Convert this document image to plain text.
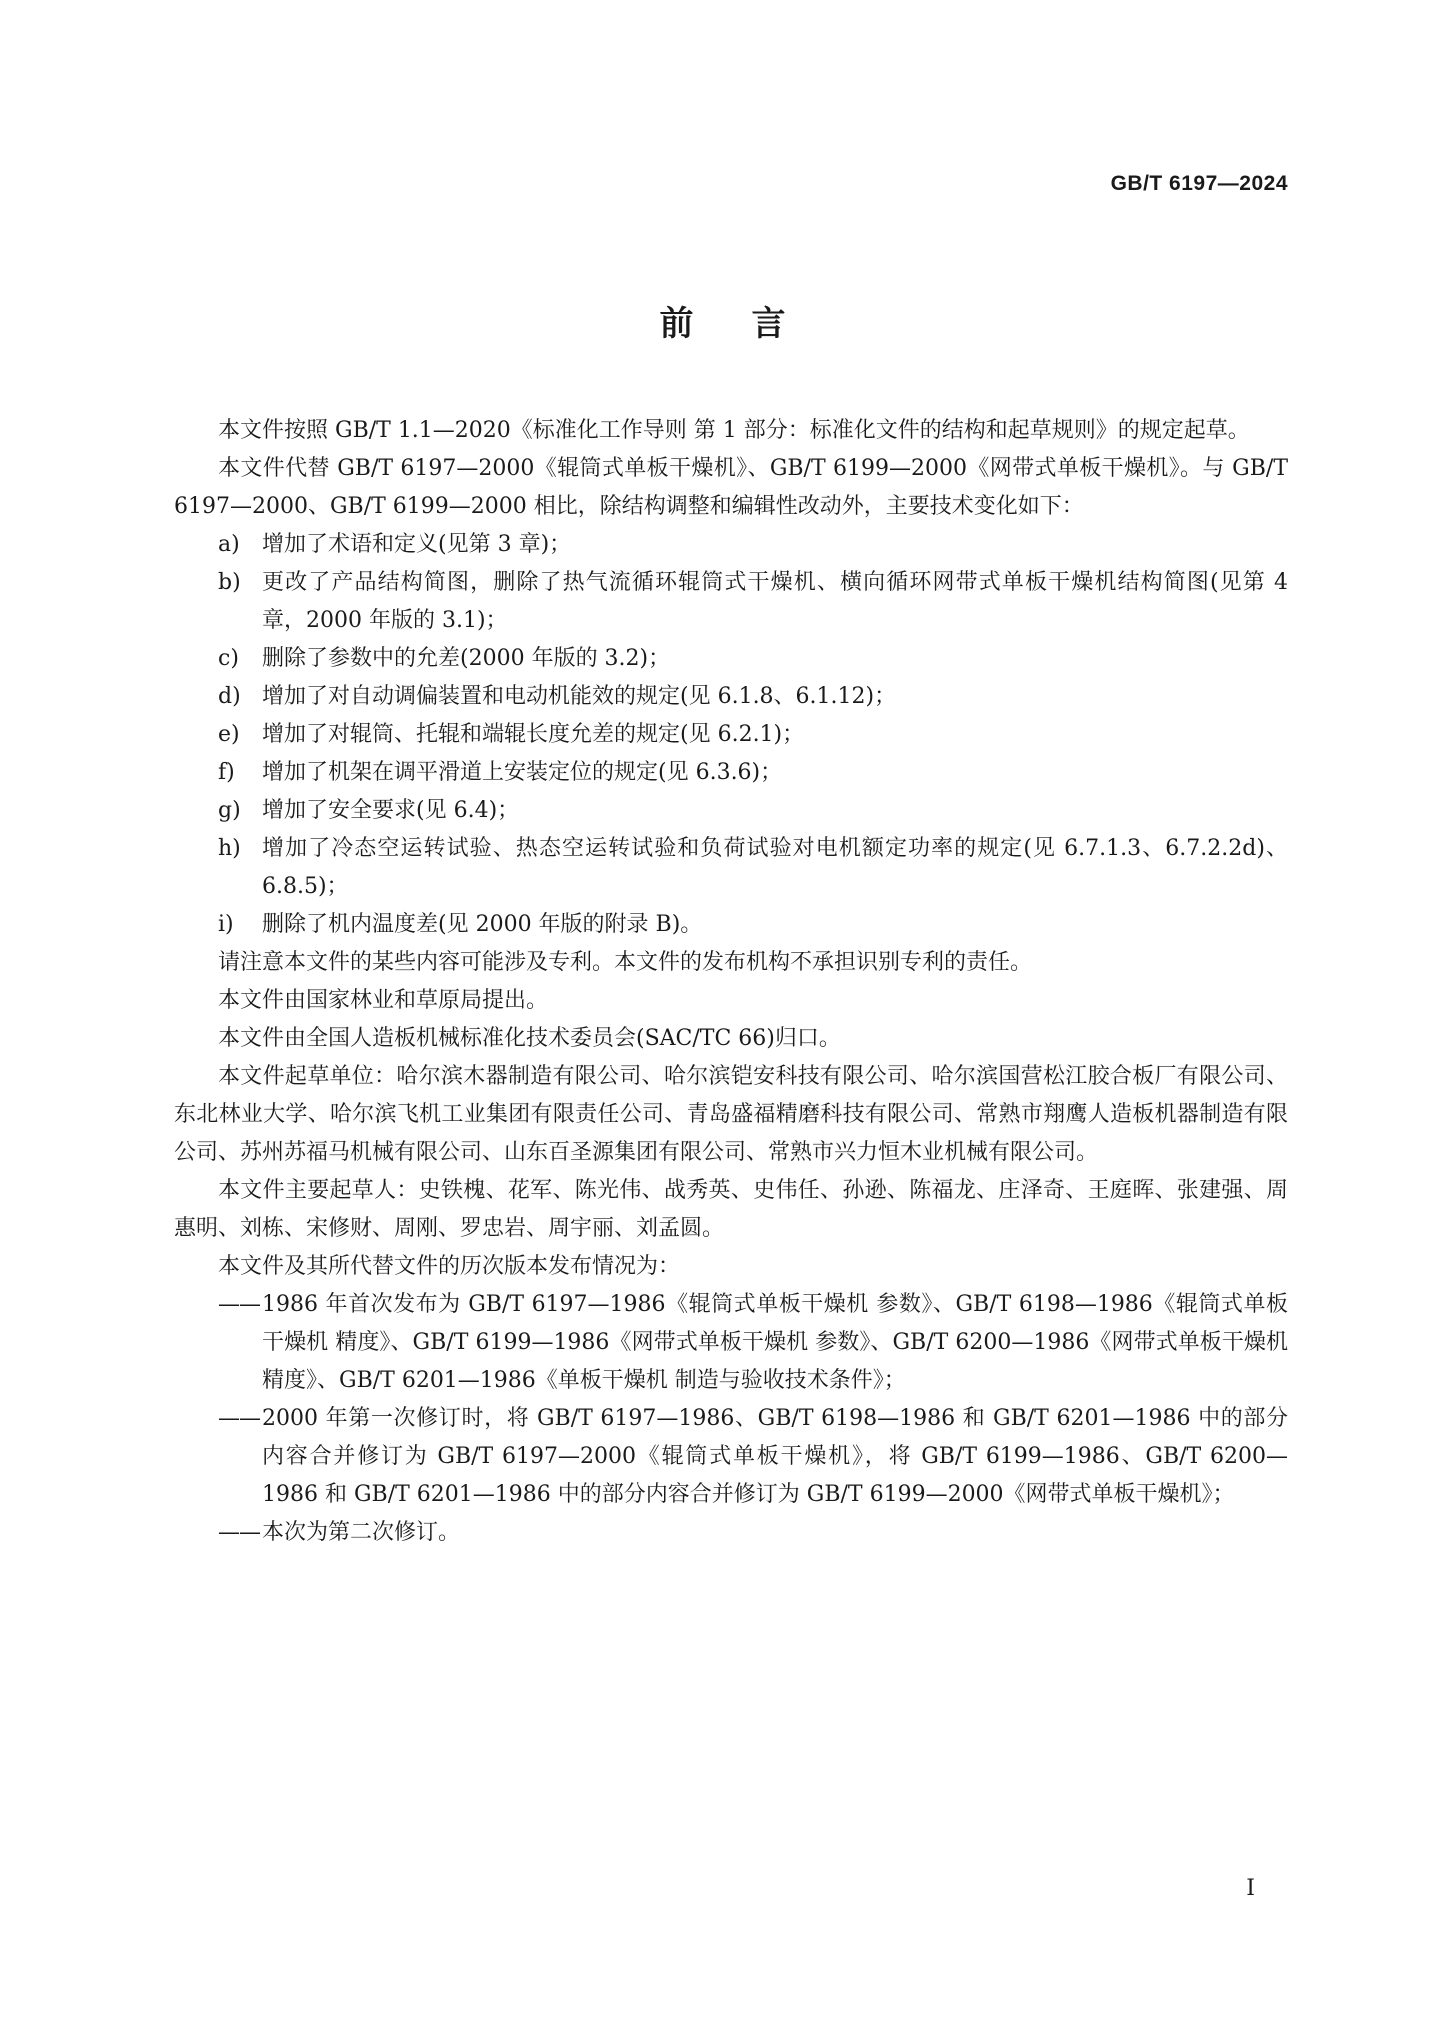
GB/T 6197—2024
前言

本文件按照 GB/T 1.1—2020《标准化工作导则 第 1 部分：标准化文件的结构和起草规则》的规定起草。

本文件代替 GB/T 6197—2000《辊筒式单板干燥机》、GB/T 6199—2000《网带式单板干燥机》。与 GB/T 6197—2000、GB/T 6199—2000 相比，除结构调整和编辑性改动外，主要技术变化如下：

a) 增加了术语和定义(见第 3 章)；

b) 更改了产品结构简图，删除了热气流循环辊筒式干燥机、横向循环网带式单板干燥机结构简图(见第 4 章，2000 年版的 3.1)；

c) 删除了参数中的允差(2000 年版的 3.2)；

d) 增加了对自动调偏装置和电动机能效的规定(见 6.1.8、6.1.12)；

e) 增加了对辊筒、托辊和端辊长度允差的规定(见 6.2.1)；

f) 增加了机架在调平滑道上安装定位的规定(见 6.3.6)；

g) 增加了安全要求(见 6.4)；

h) 增加了冷态空运转试验、热态空运转试验和负荷试验对电机额定功率的规定(见 6.7.1.3、6.7.2.2d)、6.8.5)；

i) 删除了机内温度差(见 2000 年版的附录 B)。

请注意本文件的某些内容可能涉及专利。本文件的发布机构不承担识别专利的责任。

本文件由国家林业和草原局提出。

本文件由全国人造板机械标准化技术委员会(SAC/TC 66)归口。

本文件起草单位：哈尔滨木器制造有限公司、哈尔滨铠安科技有限公司、哈尔滨国营松江胶合板厂有限公司、东北林业大学、哈尔滨飞机工业集团有限责任公司、青岛盛福精磨科技有限公司、常熟市翔鹰人造板机器制造有限公司、苏州苏福马机械有限公司、山东百圣源集团有限公司、常熟市兴力恒木业机械有限公司。

本文件主要起草人：史铁槐、花军、陈光伟、战秀英、史伟任、孙逊、陈福龙、庄泽奇、王庭晖、张建强、周惠明、刘栋、宋修财、周刚、罗忠岩、周宇丽、刘孟圆。

本文件及其所代替文件的历次版本发布情况为：

—— 1986 年首次发布为 GB/T 6197—1986《辊筒式单板干燥机 参数》、GB/T 6198—1986《辊筒式单板干燥机 精度》、GB/T 6199—1986《网带式单板干燥机 参数》、GB/T 6200—1986《网带式单板干燥机 精度》、GB/T 6201—1986《单板干燥机 制造与验收技术条件》；

—— 2000 年第一次修订时，将 GB/T 6197—1986、GB/T 6198—1986 和 GB/T 6201—1986 中的部分内容合并修订为 GB/T 6197—2000《辊筒式单板干燥机》，将 GB/T 6199—1986、GB/T 6200—1986 和 GB/T 6201—1986 中的部分内容合并修订为 GB/T 6199—2000《网带式单板干燥机》；

—— 本次为第二次修订。

I
